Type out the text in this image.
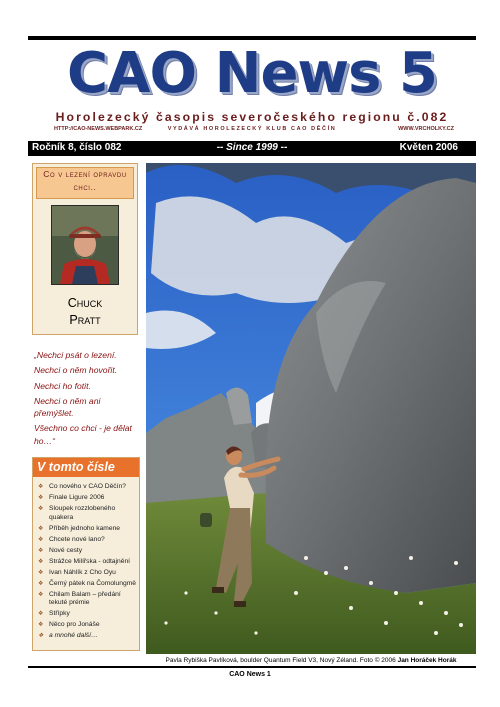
CAO News 5
Horolezecký časopis severočeského regionu č.082
HTTP://CAO-NEWS.WEBPARK.CZ	VYDÁVÁ HOROLEZECKÝ KLUB CAO DĚČÍN	WWW.VRCHOLKY.CZ
Ročník 8, číslo 082	-- Since 1999 --	Květen 2006
Co v lezení opravdu chci..
Chuck
Pratt

„Nechci psát o lezení.

Nechci o něm hovořit.

Nechci ho fotit.

Nechci o něm ani přemýšlet.

Všechno co chci - je dělat ho…“

V tomto čísle
❖ Co nového v CAO Děčín?
❖ Finale Ligure 2006
❖ Sloupek rozzlobeného quakera
❖ Příběh jednoho kamene
❖ Chcete nové lano?
❖ Nové cesty
❖ Strážce Milířska - odtajnění
❖ Ivan Náhlík z Cho Oyu
❖ Černý pátek na Čomolungmě
❖ Chilam Balam – předání tekuté prémie
❖ Střípky
❖ Něco pro Jonáše
❖ a mnohé další…
Pavla Rybiška Pavlíková, boulder Quantum Field V3, Nový Zéland. Foto © 2006 Jan Horáček Horák
CAO News 1
